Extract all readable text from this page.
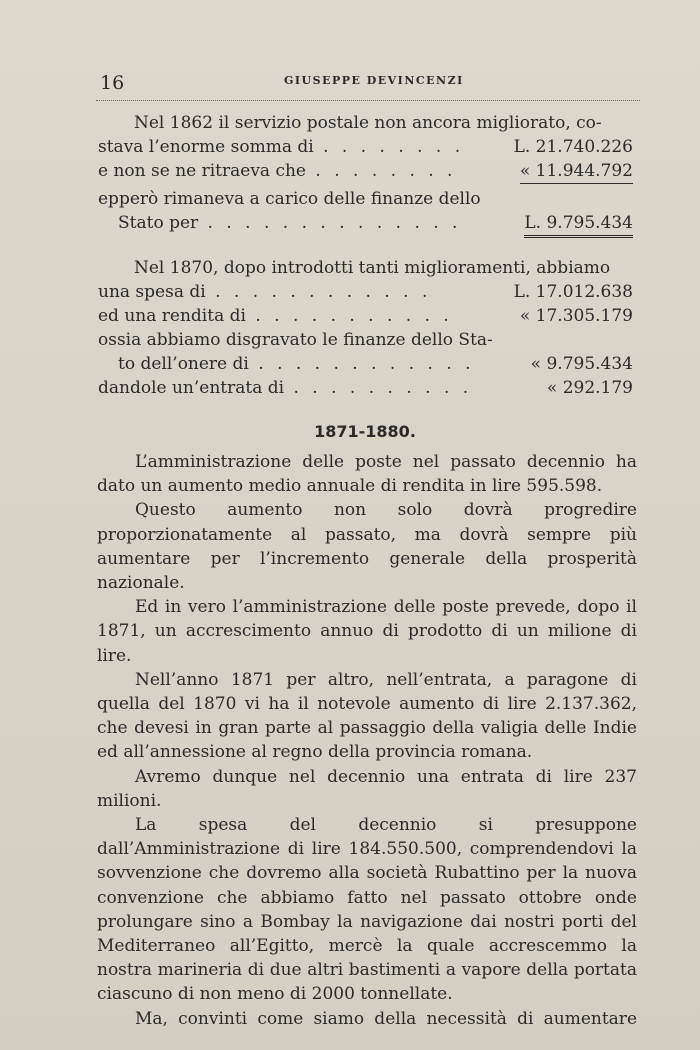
16	GIUSEPPE DEVINCENZI
Nel 1862 il servizio postale non ancora migliorato, co-
stava l’enorme somma di . . . . . . . .	L. 21.740.226
e non se ne ritraeva che . . . . . . . .	« 11.944.792
epperò rimaneva a carico delle finanze dello
Stato per . . . . . . . . . . . . . .	L. 9.795.434
Nel 1870, dopo introdotti tanti miglioramenti, abbiamo
una spesa di . . . . . . . . . . . .	L. 17.012.638
ed una rendita di . . . . . . . . . . .	« 17.305.179
ossia abbiamo disgravato le finanze dello Sta-
to dell’onere di . . . . . . . . . . . .	« 9.795.434
dandole un’entrata di . . . . . . . . . .	« 292.179
1871-1880.

L’amministrazione delle poste nel passato decennio ha dato un aumento medio annuale di rendita in lire 595.598.

Questo aumento non solo dovrà progredire proporzionatamente al passato, ma dovrà sempre più aumentare per l’incremento generale della prosperità nazionale.

Ed in vero l’amministrazione delle poste prevede, dopo il 1871, un accrescimento annuo di prodotto di un milione di lire.

Nell’anno 1871 per altro, nell’entrata, a paragone di quella del 1870 vi ha il notevole aumento di lire 2.137.362, che devesi in gran parte al passaggio della valigia delle Indie ed all’annessione al regno della provincia romana.

Avremo dunque nel decennio una entrata di lire 237 milioni.

La spesa del decennio si presuppone dall’Amministrazione di lire 184.550.500, comprendendovi la sovvenzione che dovremo alla società Rubattino per la nuova convenzione che abbiamo fatto nel passato ottobre onde prolungare sino a Bombay la navigazione dai nostri porti del Mediterraneo all’Egitto, mercè la quale accrescemmo la nostra marineria di due altri bastimenti a vapore della portata ciascuno di non meno di 2000 tonnellate.

Ma, convinti come siamo della necessità di aumentare
